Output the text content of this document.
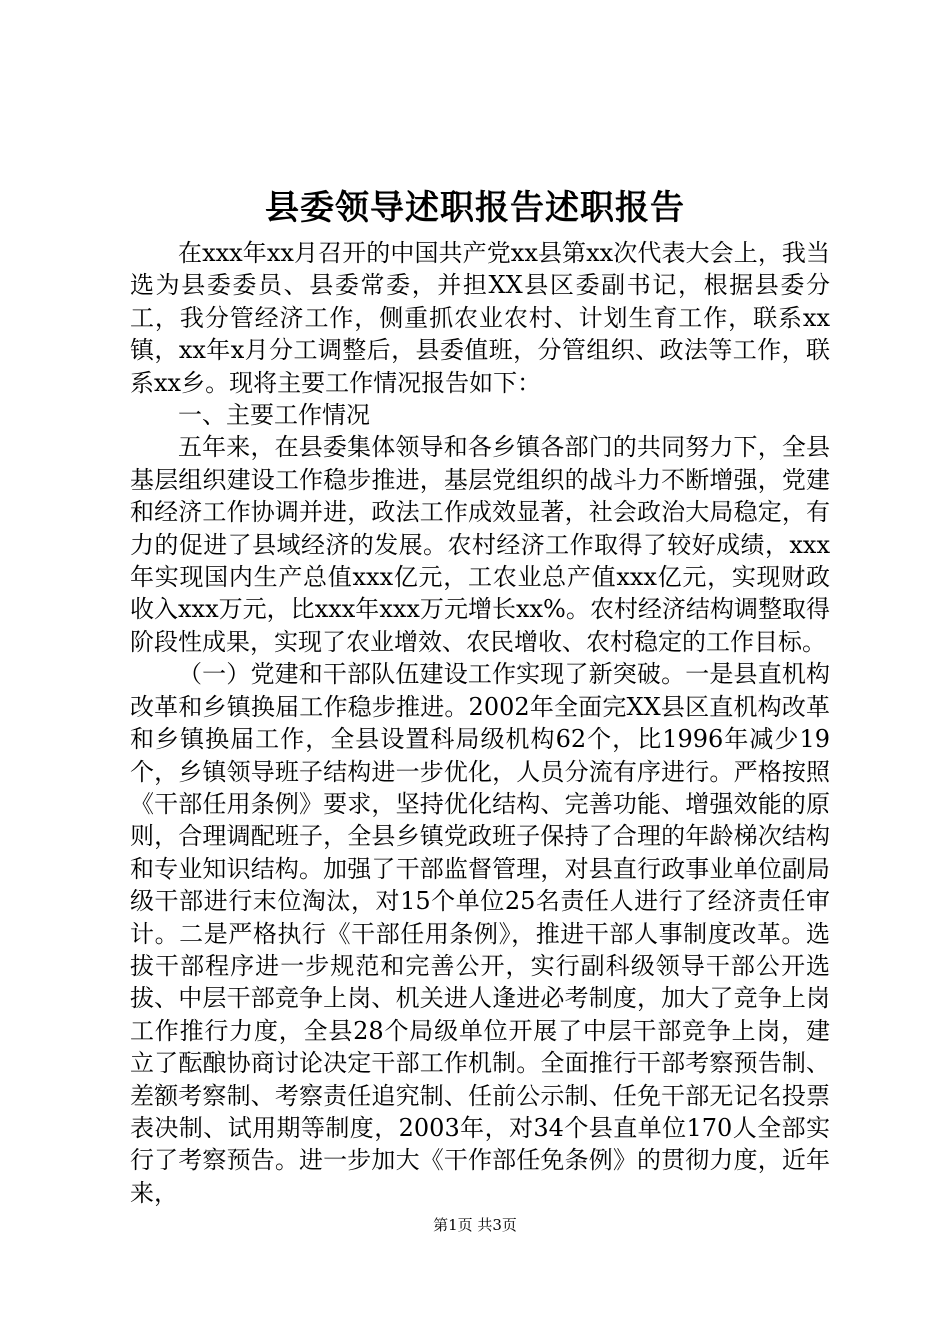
县委领导述职报告述职报告

在xxx年xx月召开的中国共产党xx县第xx次代表大会上，我当选为县委委员、县委常委，并担XX县区委副书记，根据县委分工，我分管经济工作，侧重抓农业农村、计划生育工作，联系xx镇，xx年x月分工调整后，县委值班，分管组织、政法等工作，联系xx乡。现将主要工作情况报告如下：

一、主要工作情况

五年来，在县委集体领导和各乡镇各部门的共同努力下，全县基层组织建设工作稳步推进，基层党组织的战斗力不断增强，党建和经济工作协调并进，政法工作成效显著，社会政治大局稳定，有力的促进了县域经济的发展。农村经济工作取得了较好成绩，xxx年实现国内生产总值xxx亿元，工农业总产值xxx亿元，实现财政收入xxx万元，比xxx年xxx万元增长xx%。农村经济结构调整取得阶段性成果，实现了农业增效、农民增收、农村稳定的工作目标。

（一）党建和干部队伍建设工作实现了新突破。一是县直机构改革和乡镇换届工作稳步推进。2002年全面完XX县区直机构改革和乡镇换届工作，全县设置科局级机构62个，比1996年减少19个，乡镇领导班子结构进一步优化，人员分流有序进行。严格按照《干部任用条例》要求，坚持优化结构、完善功能、增强效能的原则，合理调配班子，全县乡镇党政班子保持了合理的年龄梯次结构和专业知识结构。加强了干部监督管理，对县直行政事业单位副局级干部进行末位淘汰，对15个单位25名责任人进行了经济责任审计。二是严格执行《干部任用条例》，推进干部人事制度改革。选拔干部程序进一步规范和完善公开，实行副科级领导干部公开选拔、中层干部竞争上岗、机关进人逢进必考制度，加大了竞争上岗工作推行力度，全县28个局级单位开展了中层干部竞争上岗，建立了酝酿协商讨论决定干部工作机制。全面推行干部考察预告制、差额考察制、考察责任追究制、任前公示制、任免干部无记名投票表决制、试用期等制度，2003年，对34个县直单位170人全部实行了考察预告。进一步加大《干作部任免条例》的贯彻力度，近年来，

第1页 共3页
